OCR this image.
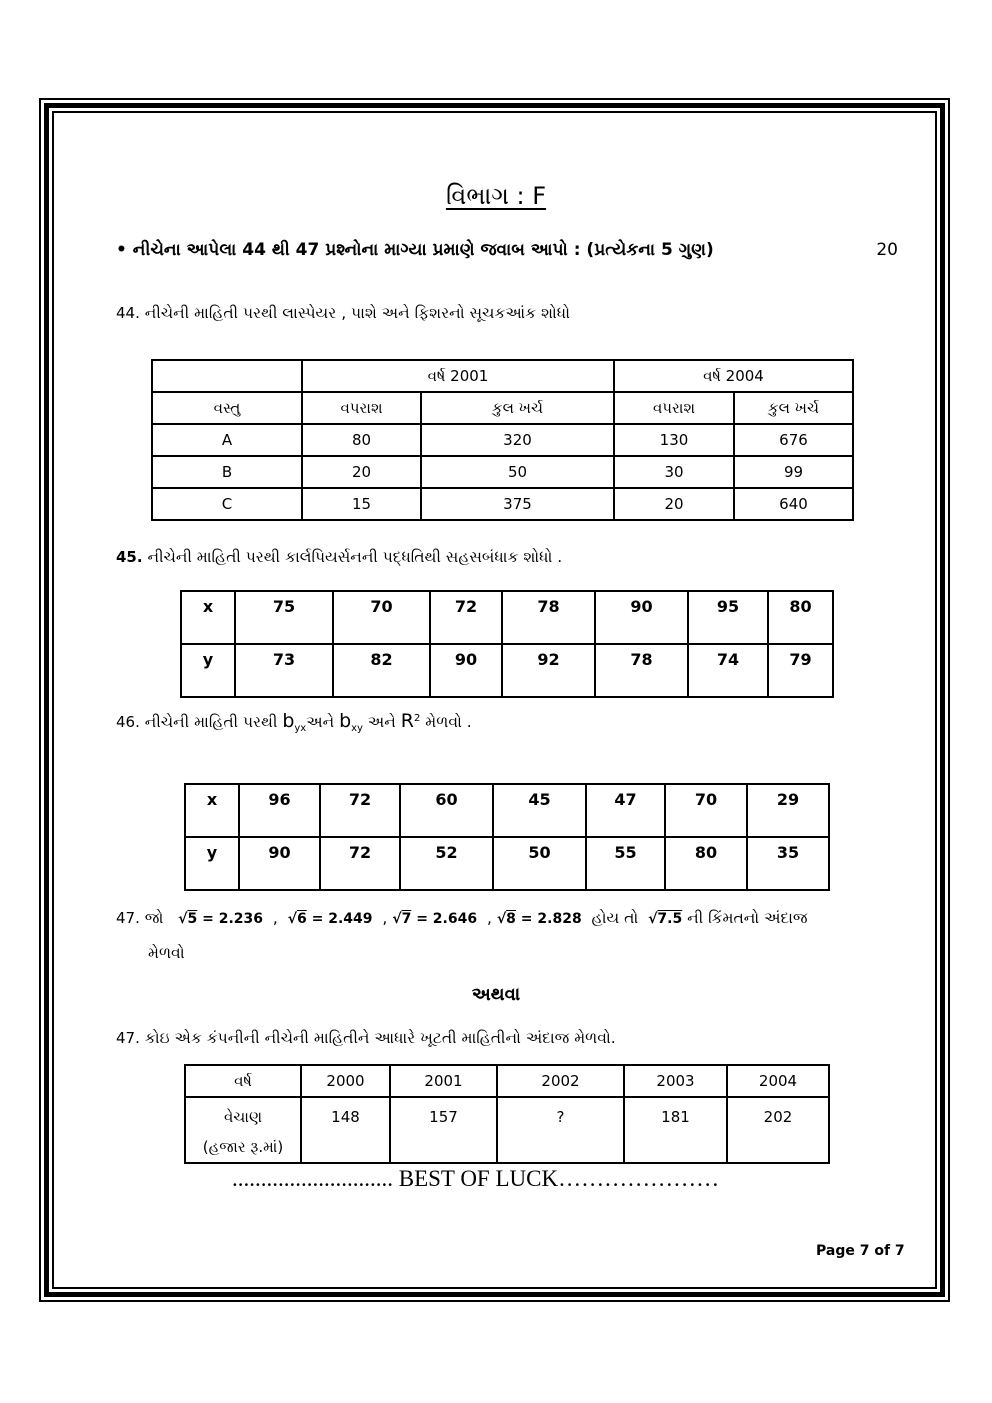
વિભાગ : F
• નીચેના આપેલા 44 થી 47 પ્રશ્નોના માગ્યા પ્રમાણે જવાબ આપો : (પ્રત્યેકના 5 ગુણ)	20
44. નીચેની માહિતી પરથી લાસ્પેયર , પાશે અને ફિશરનો સૂચકઆંક શોધો
	વર્ષ 2001		વર્ષ 2004	
વસ્તુ	વપરાશ	કુલ ખર્ચ	વપરાશ	કુલ ખર્ચ
A	80	320	130	676
B	20	50	30	99
C	15	375	20	640
45. નીચેની માહિતી પરથી કાર્લપિયર્સનની પદ્ધતિથી સહસબંધાક શોધો .
x	75	70	72	78	90	95	80
y	73	82	90	92	78	74	79
46. નીચેની માહિતી પરથી $b_{yx}અને$ $b_{xy}$ અને $R^2$ મેળવો .
x	96	72	60	45	47	70	29
y	90	72	52	50	55	80	35
47. જો √5 = 2.236 , √6 = 2.449 , √7 = 2.646 , √8 = 2.828 હોય તો √7.5 ની કિંમતનો અંદાજ
મેળવો
અથવા
47. કોઇ એક કંપનીની નીચેની માહિતીને આધારે ખૂટતી માહિતીનો અંદાજ મેળવો.
વર્ષ	2000	2001	2002	2003	2004

વેચાણ
(હજાર રૂ.માં)	148	157	?	181	202
............................ BEST OF LUCK…………………
Page 7 of 7
